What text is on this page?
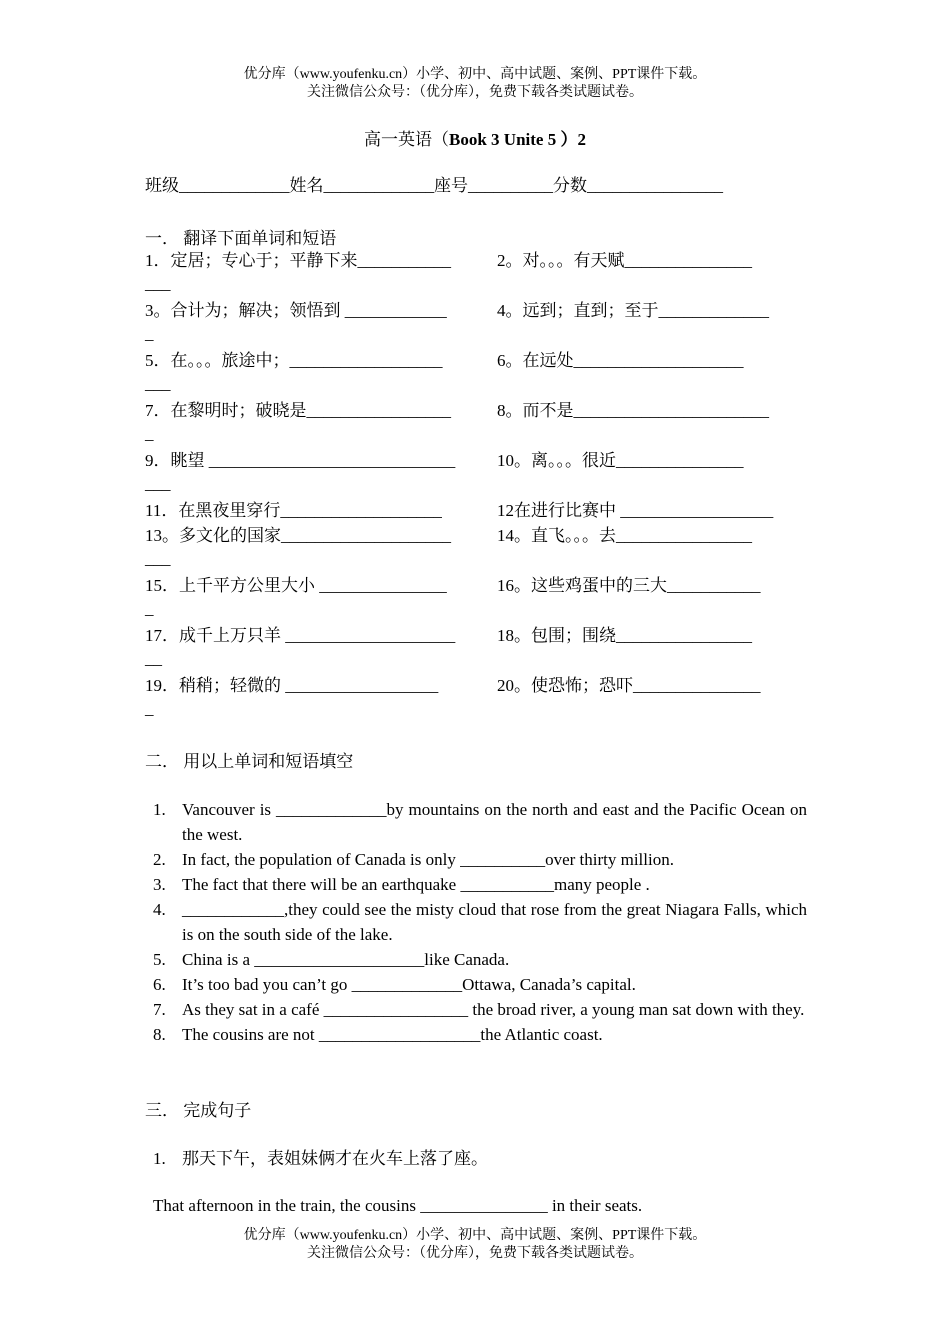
优分库（www.youfenku.cn）小学、初中、高中试题、案例、PPT课件下载。
关注微信公众号：（优分库），免费下载各类试题试卷。
高一英语（Book 3 Unite 5 ）2
班级_____________姓名_____________座号__________分数________________
一． 翻译下面单词和短语
1．定居；专心于；平静下来___________	2。对。。。有天赋_______________
___
3。合计为；解决；领悟到 ____________	4。远到；直到；至于_____________
_
5．在。。。旅途中；__________________	6。在远处____________________
___
7．在黎明时；破晓是_________________	8。而不是_______________________
_
9．眺望 _____________________________ 10。离。。。很近_______________
___
11．在黑夜里穿行___________________	12在进行比赛中 __________________
13。多文化的国家____________________	14。直飞。。。去________________
___
15．上千平方公里大小 _______________	16。这些鸡蛋中的三大___________
_
17．成千上万只羊 ____________________ 18。包围；围绕________________
__
19．稍稍；轻微的 __________________	20。使恐怖；恐吓_______________
_
二． 用以上单词和短语填空
1. Vancouver is _____________by mountains on the north and east and the Pacific Ocean on the west.
2. In fact, the population of Canada is only __________over thirty million.
3. The fact that there will be an earthquake ___________many people .
4. ____________,they could see the misty cloud that rose from the great Niagara Falls, which is on the south side of the lake.
5. China is a ____________________like Canada.
6. It’s too bad you can’t go _____________Ottawa, Canada’s capital.
7. As they sat in a café _________________ the broad river, a young man sat down with they.
8. The cousins are not ___________________the Atlantic coast.
三． 完成句子
1. 那天下午，表姐妹俩才在火车上落了座。
That afternoon in the train, the cousins _______________ in their seats.
优分库（www.youfenku.cn）小学、初中、高中试题、案例、PPT课件下载。
关注微信公众号：（优分库），免费下载各类试题试卷。
